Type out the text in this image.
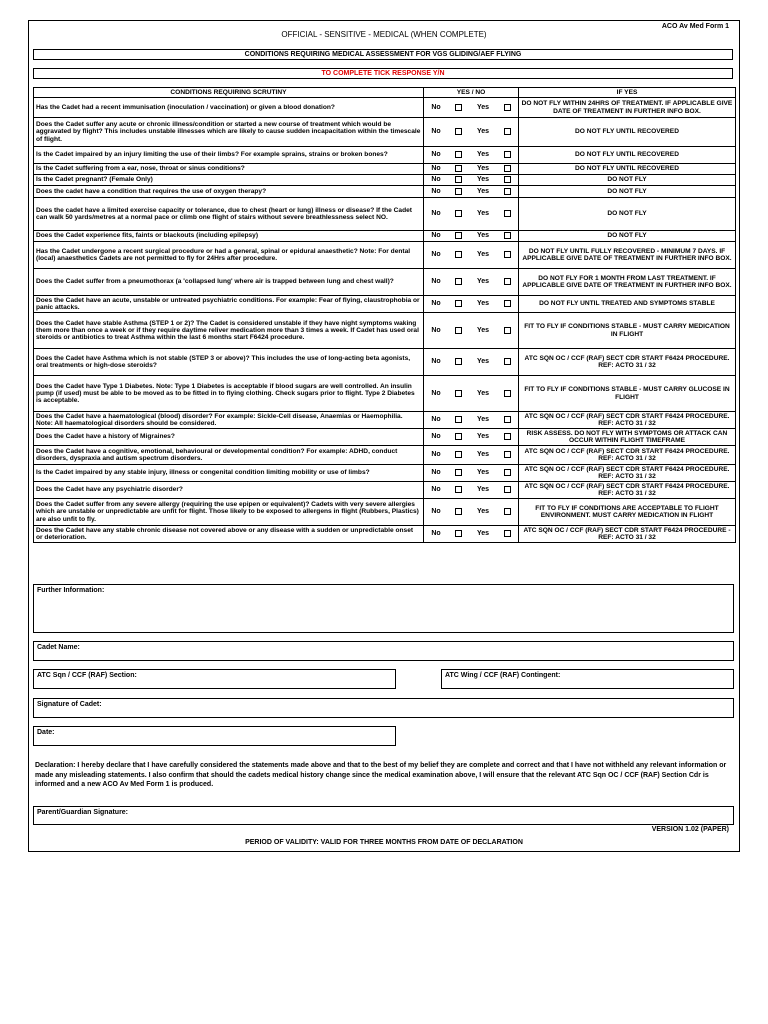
ACO Av Med Form 1
OFFICIAL - SENSITIVE - MEDICAL (WHEN COMPLETE)
CONDITIONS REQUIRING MEDICAL ASSESSMENT FOR VGS GLIDING/AEF FLYING
TO COMPLETE TICK RESPONSE Y/N
CONDITIONS REQUIRING SCRUTINY	YES / NO	IF YES
Has the Cadet had a recent immunisation (inoculation / vaccination) or given a blood donation?	No Yes	DO NOT FLY WITHIN 24HRS OF TREATMENT. IF APPLICABLE GIVE DATE OF TREATMENT IN FURTHER INFO BOX.
Does the Cadet suffer any acute or chronic illness/condition or started a new course of treatment which would be aggravated by flight? This includes unstable illnesses which are likely to cause sudden incapacitation within the timescale of flight.	No Yes	DO NOT FLY UNTIL RECOVERED
Is the Cadet impaired by an injury limiting the use of their limbs? For example sprains, strains or broken bones?	No Yes	DO NOT FLY UNTIL RECOVERED
Is the Cadet suffering from a ear, nose, throat or sinus conditions?	No Yes	DO NOT FLY UNTIL RECOVERED
Is the Cadet pregnant? (Female Only)	No Yes	DO NOT FLY
Does the cadet have a condition that requires the use of oxygen therapy?	No Yes	DO NOT FLY
Does the cadet have a limited exercise capacity or tolerance, due to chest (heart or lung) illness or disease? If the Cadet can walk 50 yards/metres at a normal pace or climb one flight of stairs without severe breathlessness select NO.	No Yes	DO NOT FLY
Does the Cadet experience fits, faints or blackouts (including epilepsy)	No Yes	DO NOT FLY
Has the Cadet undergone a recent surgical procedure or had a general, spinal or epidural anaesthetic? Note: For dental (local) anaesthetics Cadets are not permitted to fly for 24Hrs after procedure.	No Yes	DO NOT FLY UNTIL FULLY RECOVERED - MINIMUM 7 DAYS. IF APPLICABLE GIVE DATE OF TREATMENT IN FURTHER INFO BOX.
Does the Cadet suffer from a pneumothorax (a 'collapsed lung' where air is trapped between lung and chest wall)?	No Yes	DO NOT FLY FOR 1 MONTH FROM LAST TREATMENT. IF APPLICABLE GIVE DATE OF TREATMENT IN FURTHER INFO BOX.
Does the Cadet have an acute, unstable or untreated psychiatric conditions. For example: Fear of flying, claustrophobia or panic attacks.	No Yes	DO NOT FLY UNTIL TREATED AND SYMPTOMS STABLE
Does the Cadet have stable Asthma (STEP 1 or 2)? The Cadet is considered unstable if they have night symptoms waking them more than once a week or if they require daytime reliver medication more than 3 times a week. If Cadet has used oral steroids or antibiotics to treat Asthma within the last 6 months start F6424 procedure.	No Yes	FIT TO FLY IF CONDITIONS STABLE - MUST CARRY MEDICATION IN FLIGHT
Does the Cadet have Asthma which is not stable (STEP 3 or above)? This includes the use of long-acting beta agonists, oral treatments or high-dose steroids?	No Yes	ATC SQN OC / CCF (RAF) SECT CDR START F6424 PROCEDURE. REF: ACTO 31 / 32
Does the Cadet have Type 1 Diabetes. Note: Type 1 Diabetes is acceptable if blood sugars are well controlled. An insulin pump (if used) must be able to be moved as to be fitted in to flying clothing. Check sugars prior to flight. Type 2 Diabetes is acceptable.	No Yes	FIT TO FLY IF CONDITIONS STABLE - MUST CARRY GLUCOSE IN FLIGHT
Does the Cadet have a haematological (blood) disorder? For example: Sickle-Cell disease, Anaemias or Haemophilia. Note: All haematological disorders should be considered.	No Yes	ATC SQN OC / CCF (RAF) SECT CDR START F6424 PROCEDURE. REF: ACTO 31 / 32
Does the Cadet have a history of Migraines?	No Yes	RISK ASSESS. DO NOT FLY WITH SYMPTOMS OR ATTACK CAN OCCUR WITHIN FLIGHT TIMEFRAME
Does the Cadet have a cognitive, emotional, behavioural or developmental condition? For example: ADHD, conduct disorders, dyspraxia and autism spectrum disorders.	No Yes	ATC SQN OC / CCF (RAF) SECT CDR START F6424 PROCEDURE. REF: ACTO 31 / 32
Is the Cadet impaired by any stable injury, illness or congenital condition limiting mobility or use of limbs?	No Yes	ATC SQN OC / CCF (RAF) SECT CDR START F6424 PROCEDURE. REF: ACTO 31 / 32
Does the Cadet have any psychiatric disorder?	No Yes	ATC SQN OC / CCF (RAF) SECT CDR START F6424 PROCEDURE. REF: ACTO 31 / 32
Does the Cadet suffer from any severe allergy (requiring the use epipen or equivalent)? Cadets with very severe allergies which are unstable or unpredictable are unfit for flight. Those likely to be exposed to allergens in flight (Rubbers, Plastics) are also unfit to fly.	No Yes	FIT TO FLY IF CONDITIONS ARE ACCEPTABLE TO FLIGHT ENVIRONMENT. MUST CARRY MEDICATION IN FLIGHT
Does the Cadet have any stable chronic disease not covered above or any disease with a sudden or unpredictable onset or deterioration.	No Yes	ATC SQN OC / CCF (RAF) SECT CDR START F6424 PROCEDURE - REF: ACTO 31 / 32
Further Information:
Cadet Name:
ATC Sqn / CCF (RAF) Section:	ATC Wing / CCF (RAF) Contingent:
Signature of Cadet:
Date:
Declaration: I hereby declare that I have carefully considered the statements made above and that to the best of my belief they are complete and correct and that I have not withheld any relevant information or made any misleading statements. I also confirm that should the cadets medical history change since the medical examination above, I will ensure that the relevant ATC Sqn OC / CCF (RAF) Section Cdr is informed and a new ACO Av Med Form 1 is produced.
Parent/Guardian Signature:
VERSION 1.02 (PAPER)
PERIOD OF VALIDITY: VALID FOR THREE MONTHS FROM DATE OF DECLARATION
